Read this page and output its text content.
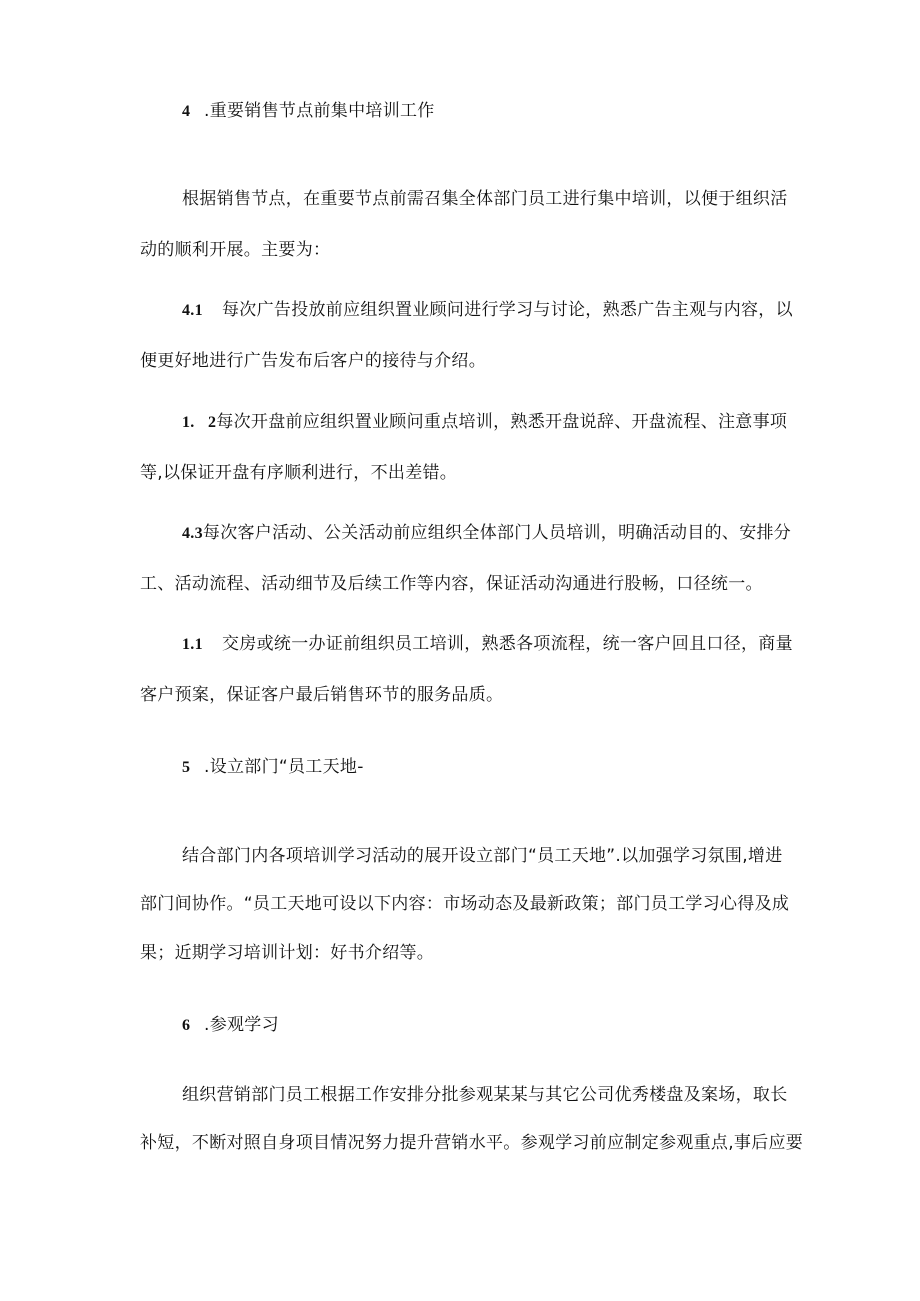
4 .重要销售节点前集中培训工作
根据销售节点，在重要节点前需召集全体部门员工进行集中培训，以便于组织活
动的顺利开展。主要为：
4.1 每次广告投放前应组织置业顾问进行学习与讨论，熟悉广告主观与内容，以
便更好地进行广告发布后客户的接待与介绍。
1. 2每次开盘前应组织置业顾问重点培训，熟悉开盘说辞、开盘流程、注意事项
等,以保证开盘有序顺利进行，不出差错。
4.3每次客户活动、公关活动前应组织全体部门人员培训，明确活动目的、安排分
工、活动流程、活动细节及后续工作等内容，保证活动沟通进行股畅，口径统一。
1.1 交房或统一办证前组织员工培训，熟悉各项流程，统一客户回且口径，商量
客户预案，保证客户最后销售环节的服务品质。
5 .设立部门“员工天地-
结合部门内各项培训学习活动的展开设立部门“员工天地”.以加强学习氛围,增进
部门间协作。“员工天地可设以下内容：市场动态及最新政策；部门员工学习心得及成
果；近期学习培训计划：好书介绍等。
6 .参观学习
组织营销部门员工根据工作安排分批参观某某与其它公司优秀楼盘及案场，取长
补短，不断对照自身项目情况努力提升营销水平。参观学习前应制定参观重点,事后应要
